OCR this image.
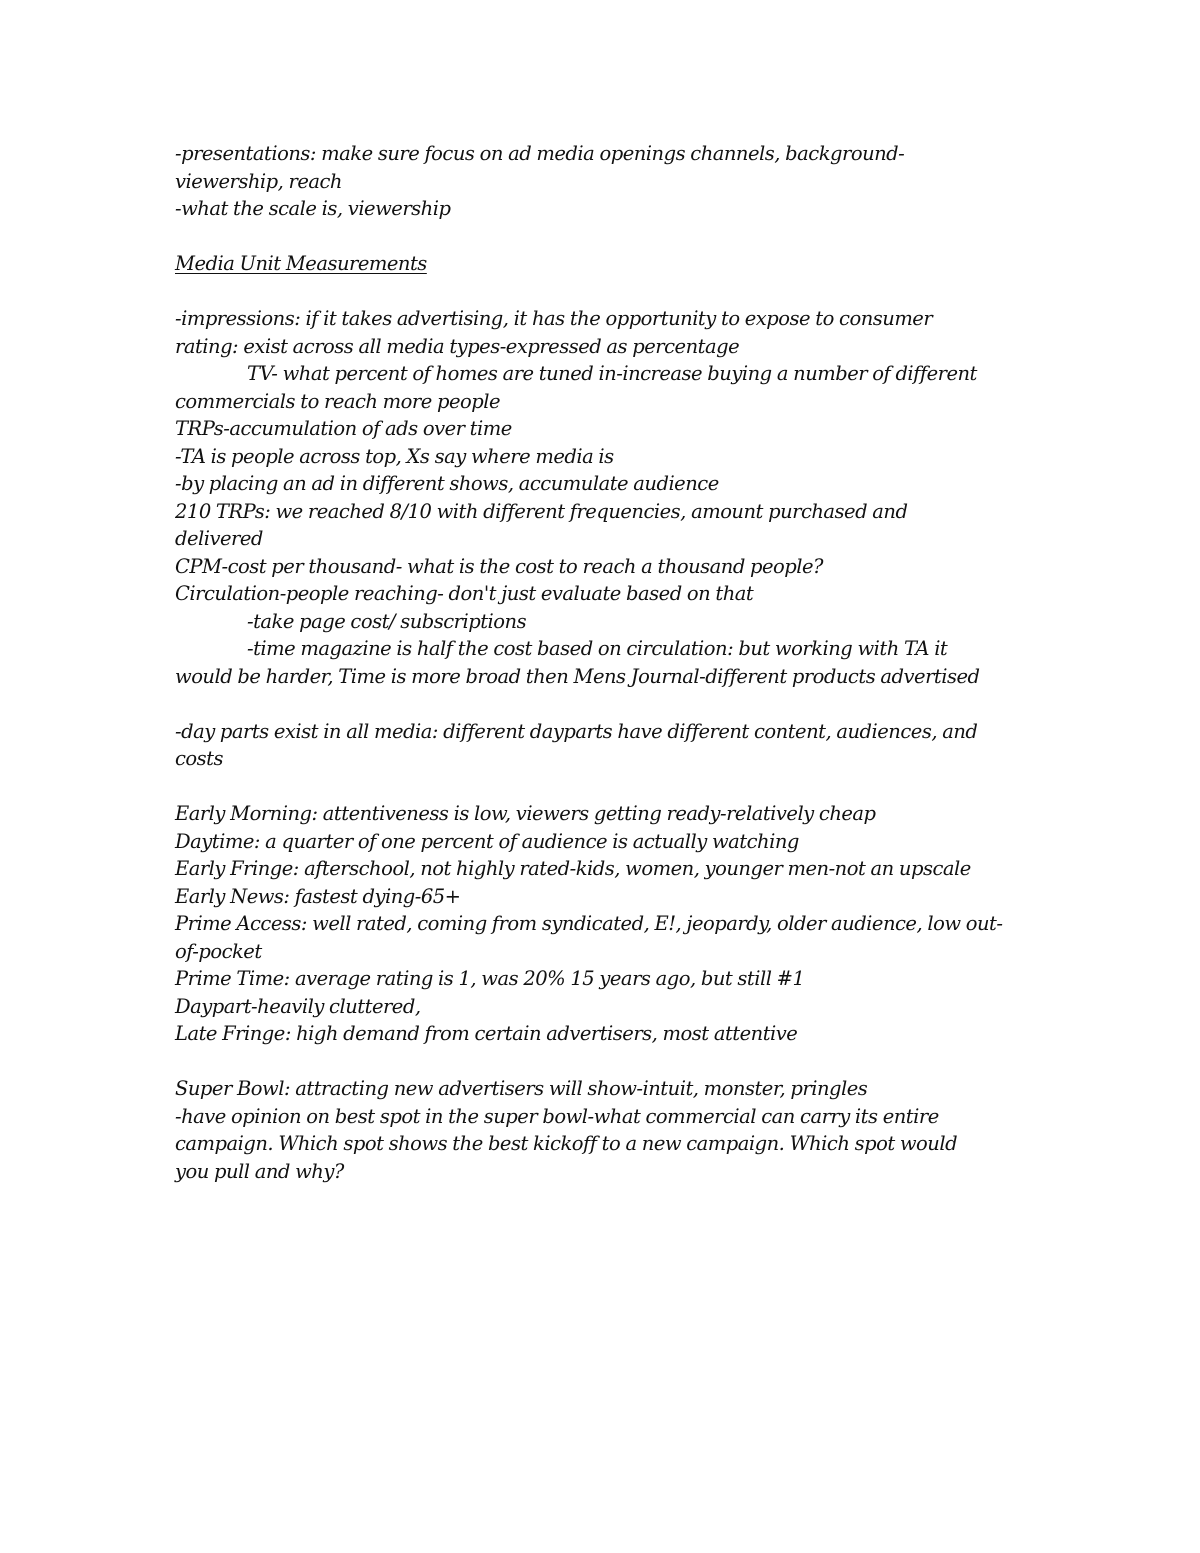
-presentations: make sure focus on ad media openings channels, background-
viewership, reach
-what the scale is, viewership
Media Unit Measurements
-impressions: if it takes advertising, it has the opportunity to expose to consumer
rating: exist across all media types-expressed as percentage
TV- what percent of homes are tuned in-increase buying a number of different
commercials to reach more people
TRPs-accumulation of ads over time
-TA is people across top, Xs say where media is
-by placing an ad in different shows, accumulate audience
210 TRPs: we reached 8/10 with different frequencies, amount purchased and
delivered
CPM-cost per thousand- what is the cost to reach a thousand people?
Circulation-people reaching- don't just evaluate based on that
-take page cost/ subscriptions
-time magazine is half the cost based on circulation: but working with TA it
would be harder, Time is more broad then Mens Journal-different products advertised
-day parts exist in all media: different dayparts have different content, audiences, and
costs
Early Morning: attentiveness is low, viewers getting ready-relatively cheap
Daytime: a quarter of one percent of audience is actually watching
Early Fringe: afterschool, not highly rated-kids, women, younger men-not an upscale
Early News: fastest dying-65+
Prime Access: well rated, coming from syndicated, E!, jeopardy, older audience, low out-
of-pocket
Prime Time: average rating is 1, was 20% 15 years ago, but still #1
Daypart-heavily cluttered,
Late Fringe: high demand from certain advertisers, most attentive
Super Bowl: attracting new advertisers will show-intuit, monster, pringles
-have opinion on best spot in the super bowl-what commercial can carry its entire
campaign. Which spot shows the best kickoff to a new campaign. Which spot would
you pull and why?
